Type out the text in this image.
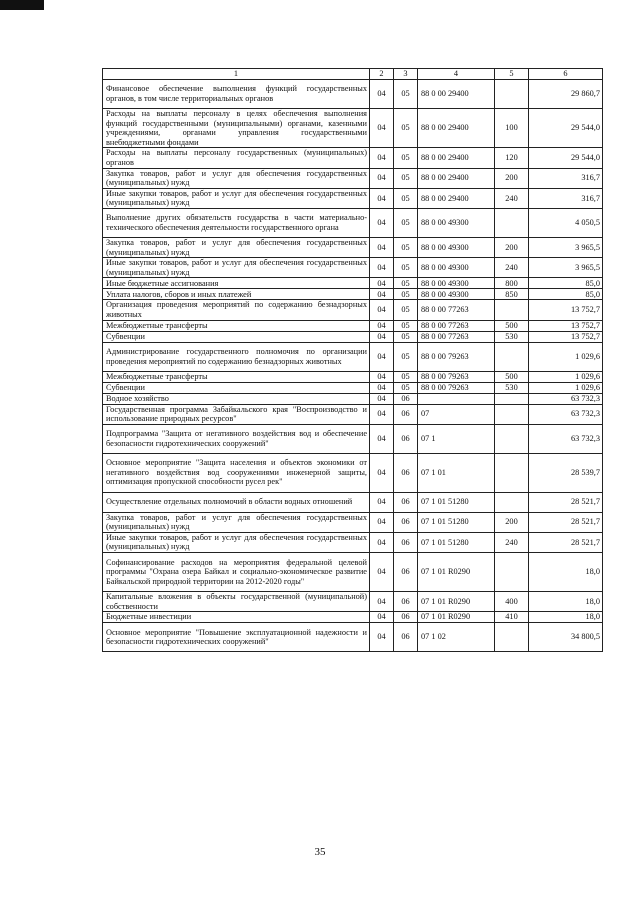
1	2	3	4	5	6
Финансовое обеспечение выполнения функций государственных органов, в том числе территориальных органов	04	05	88 0 00 29400		29 860,7
Расходы на выплаты персоналу в целях обеспечения выполнения функций государственными (муниципальными) органами, казенными учреждениями, органами управления государственными внебюджетными фондами	04	05	88 0 00 29400	100	29 544,0
Расходы на выплаты персоналу государственных (муниципальных) органов	04	05	88 0 00 29400	120	29 544,0
Закупка товаров, работ и услуг для обеспечения государственных (муниципальных) нужд	04	05	88 0 00 29400	200	316,7
Иные закупки товаров, работ и услуг для обеспечения государственных (муниципальных) нужд	04	05	88 0 00 29400	240	316,7
Выполнение других обязательств государства в части материально-технического обеспечения деятельности государственного органа	04	05	88 0 00 49300		4 050,5
Закупка товаров, работ и услуг для обеспечения государственных (муниципальных) нужд	04	05	88 0 00 49300	200	3 965,5
Иные закупки товаров, работ и услуг для обеспечения государственных (муниципальных) нужд	04	05	88 0 00 49300	240	3 965,5
Иные бюджетные ассигнования	04	05	88 0 00 49300	800	85,0
Уплата налогов, сборов и иных платежей	04	05	88 0 00 49300	850	85,0
Организация проведения мероприятий по содержанию безнадзорных животных	04	05	88 0 00 77263		13 752,7
Межбюджетные трансферты	04	05	88 0 00 77263	500	13 752,7
Субвенции	04	05	88 0 00 77263	530	13 752,7
Администрирование государственного полномочия по организации проведения мероприятий по содержанию безнадзорных животных	04	05	88 0 00 79263		1 029,6
Межбюджетные трансферты	04	05	88 0 00 79263	500	1 029,6
Субвенции	04	05	88 0 00 79263	530	1 029,6
Водное хозяйство	04	06			63 732,3
Государственная программа Забайкальского края "Воспроизводство и использование природных ресурсов"	04	06	07		63 732,3
Подпрограмма "Защита от негативного воздействия вод и обеспечение безопасности гидротехнических сооружений"	04	06	07 1		63 732,3
Основное мероприятие "Защита населения и объектов экономики от негативного воздействия вод сооружениями инженерной защиты, оптимизация пропускной способности русел рек"	04	06	07 1 01		28 539,7
Осуществление отдельных полномочий в области водных отношений	04	06	07 1 01 51280		28 521,7
Закупка товаров, работ и услуг для обеспечения государственных (муниципальных) нужд	04	06	07 1 01 51280	200	28 521,7
Иные закупки товаров, работ и услуг для обеспечения государственных (муниципальных) нужд	04	06	07 1 01 51280	240	28 521,7
Софинансирование расходов на мероприятия федеральной целевой программы "Охрана озера Байкал и социально-экономическое развитие Байкальской природной территории на 2012-2020 годы"	04	06	07 1 01 R0290		18,0
Капитальные вложения в объекты государственной (муниципальной) собственности	04	06	07 1 01 R0290	400	18,0
Бюджетные инвестиции	04	06	07 1 01 R0290	410	18,0
Основное мероприятие "Повышение эксплуатационной надежности и безопасности гидротехнических сооружений"	04	06	07 1 02		34 800,5
35
